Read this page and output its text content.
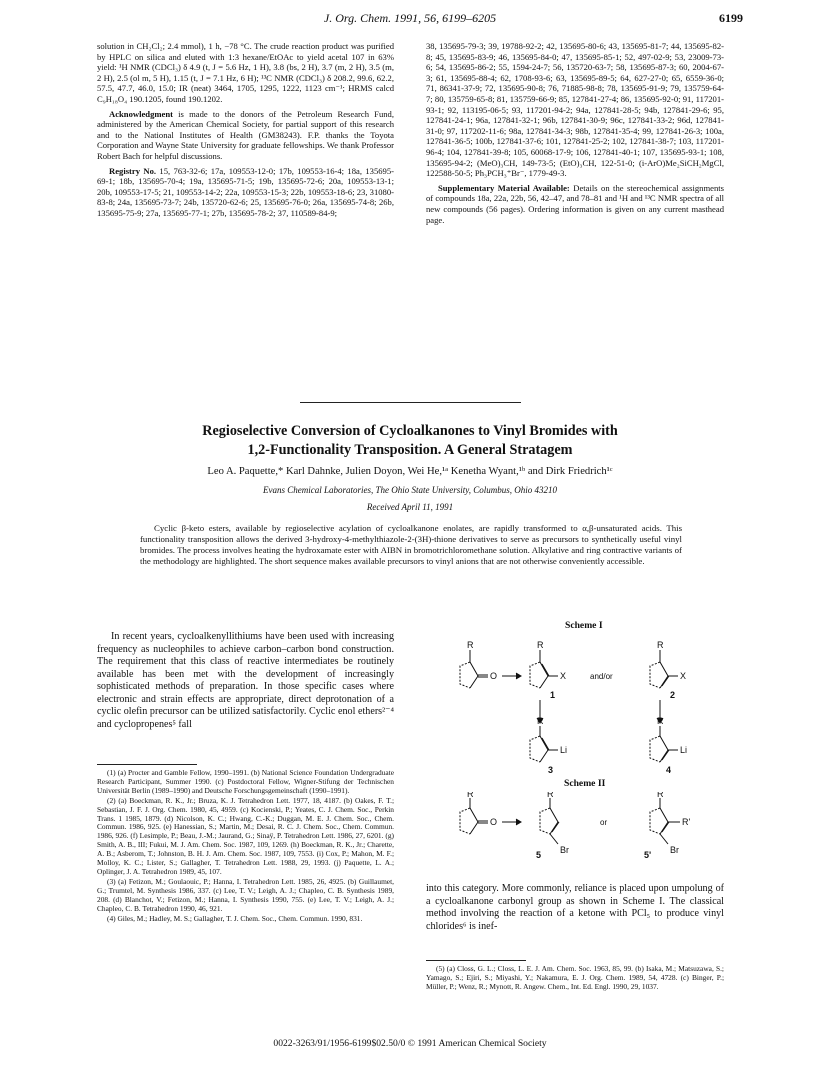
J. Org. Chem. 1991, 56, 6199–6205	6199

solution in CH₂Cl₂; 2.4 mmol), 1 h, −78 °C. The crude reaction product was purified by HPLC on silica and eluted with 1:3 hexane/EtOAc to yield acetal 107 in 63% yield: ¹H NMR (CDCl₃) δ 4.9 (t, J = 5.6 Hz, 1 H), 3.8 (bs, 2 H), 3.7 (m, 2 H), 3.5 (m, 2 H), 2.5 (ol m, 5 H), 1.15 (t, J = 7.1 Hz, 6 H); ¹³C NMR (CDCl₃) δ 208.2, 99.6, 62.2, 57.5, 47.7, 46.0, 15.0; IR (neat) 3464, 1705, 1295, 1222, 1123 cm⁻¹; HRMS calcd C₉H₁₈O₄ 190.1205, found 190.1202.

Acknowledgment is made to the donors of the Petroleum Research Fund, administered by the American Chemical Society, for partial support of this research and to the National Institutes of Health (GM38243). F.P. thanks the Toyota Corporation and Wayne State University for graduate fellowships. We thank Professor Robert Bach for helpful discussions.

Registry No. 15, 763-32-6; 17a, 109553-12-0; 17b, 109553-16-4; 18a, 135695-69-1; 18b, 135695-70-4; 19a, 135695-71-5; 19b, 135695-72-6; 20a, 109553-13-1; 20b, 109553-17-5; 21, 109553-14-2; 22a, 109553-15-3; 22b, 109553-18-6; 23, 31080-83-8; 24a, 135695-73-7; 24b, 135720-62-6; 25, 135695-76-0; 26a, 135695-74-8; 26b, 135695-75-9; 27a, 135695-77-1; 27b, 135695-78-2; 37, 110589-84-9;

38, 135695-79-3; 39, 19788-92-2; 42, 135695-80-6; 43, 135695-81-7; 44, 135695-82-8; 45, 135695-83-9; 46, 135695-84-0; 47, 135695-85-1; 52, 497-02-9; 53, 23009-73-6; 54, 135695-86-2; 55, 1594-24-7; 56, 135720-63-7; 58, 135695-87-3; 60, 2004-67-3; 61, 135695-88-4; 62, 1708-93-6; 63, 135695-89-5; 64, 627-27-0; 65, 6559-36-0; 71, 86341-37-9; 72, 135695-90-8; 76, 71885-98-8; 78, 135695-91-9; 79, 135759-64-7; 80, 135759-65-8; 81, 135759-66-9; 85, 127841-27-4; 86, 135695-92-0; 91, 117201-93-1; 92, 113195-06-5; 93, 117201-94-2; 94a, 127841-28-5; 94b, 127841-29-6; 95, 127841-24-1; 96a, 127841-32-1; 96b, 127841-30-9; 96c, 127841-33-2; 96d, 127841-31-0; 97, 117202-11-6; 98a, 127841-34-3; 98b, 127841-35-4; 99, 127841-26-3; 100a, 127841-36-5; 100b, 127841-37-6; 101, 127841-25-2; 102, 127841-38-7; 103, 117201-96-4; 104, 127841-39-8; 105, 60068-17-9; 106, 127841-40-1; 107, 135695-93-1; 108, 135695-94-2; (MeO)₃CH, 149-73-5; (EtO)₃CH, 122-51-0; (i-ArO)Me₂SiCH₂MgCl, 122588-50-5; Ph₃PCH₃⁺Br⁻, 1779-49-3.

Supplementary Material Available: Details on the stereochemical assignments of compounds 18a, 22a, 22b, 56, 42–47, and 78–81 and ¹H and ¹³C NMR spectra of all new compounds (56 pages). Ordering information is given on any current masthead page.

Regioselective Conversion of Cycloalkanones to Vinyl Bromides with
1,2-Functionality Transposition. A General Stratagem
Leo A. Paquette,* Karl Dahnke, Julien Doyon, Wei He,¹ᵃ Kenetha Wyant,¹ᵇ and Dirk Friedrich¹ᶜ
Evans Chemical Laboratories, The Ohio State University, Columbus, Ohio 43210
Received April 11, 1991
Cyclic β-keto esters, available by regioselective acylation of cycloalkanone enolates, are rapidly transformed to α,β-unsaturated acids. This functionality transposition allows the derived 3-hydroxy-4-methylthiazole-2-(3H)-thione derivatives to serve as precursors to synthetically useful vinyl bromides. The process involves heating the hydroxamate ester with AIBN in bromotrichloromethane solution. Alkylative and ring contractive variants of the methodology are highlighted. The short sequence makes available precursors to vinyl anions that are not otherwise conveniently accessible.
In recent years, cycloalkenyllithiums have been used with increasing frequency as nucleophiles to achieve carbon–carbon bond construction. The requirement that this class of reactive intermediates be routinely available has been met with the development of increasingly sophisticated methods of preparation. In those specific cases where electronic and strain effects are appropriate, direct deprotonation of a cyclic olefin precursor can be utilized satisfactorily. Cyclic enol ethers²⁻⁴ and cyclopropenes⁵ fall

(1) (a) Procter and Gamble Fellow, 1990–1991. (b) National Science Foundation Undergraduate Research Participant, Summer 1990. (c) Postdoctoral Fellow, Wigner-Stifung der Technischen Universität Berlin (1989–1990) and Deutsche Forschungsgemeinschaft (1990–1991).

(2) (a) Boeckman, R. K., Jr.; Bruza, K. J. Tetrahedron Lett. 1977, 18, 4187. (b) Oakes, F. T.; Sebastian, J. F. J. Org. Chem. 1980, 45, 4959. (c) Kocienski, P.; Yeates, C. J. Chem. Soc., Perkin Trans. 1 1985, 1879. (d) Nicolson, K. C.; Hwang, C.-K.; Duggan, M. E. J. Chem. Soc., Chem. Commun. 1986, 925. (e) Hanessian, S.; Martin, M.; Desai, R. C. J. Chem. Soc., Chem. Commun. 1986, 926. (f) Lesimple, P.; Beau, J.-M.; Jaurand, G.; Sinaÿ, P. Tetrahedron Lett. 1986, 27, 6201. (g) Smith, A. B., III; Fukui, M. J. Am. Chem. Soc. 1987, 109, 1269. (h) Boeckman, R. K., Jr.; Charette, A. B.; Asberom, T.; Johnston, B. H. J. Am. Chem. Soc. 1987, 109, 7553. (i) Cox, P.; Mahon, M. F.; Molloy, K. C.; Lister, S.; Gallagher, T. Tetrahedron Lett. 1988, 29, 1993. (j) Paquette, L. A.; Oplinger, J. A. Tetrahedron 1989, 45, 107.

(3) (a) Fetizon, M.; Goulaouic, P.; Hanna, I. Tetrahedron Lett. 1985, 26, 4925. (b) Guillaumet, G.; Trumtel, M. Synthesis 1986, 337. (c) Lee, T. V.; Leigh, A. J.; Chapleo, C. B. Synthesis 1989, 208. (d) Blanchot, V.; Fetizon, M.; Hanna, I. Synthesis 1990, 755. (e) Lee, T. V.; Leigh, A. J.; Chapleo, C. B. Tetrahedron 1990, 46, 921.

(4) Giles, M.; Hadley, M. S.; Gallagher, T. J. Chem. Soc., Chem. Commun. 1990, 831.

Scheme I
R
O
R
X	and/or
R
X
1	2
R
Li
R
Li
3	4
Scheme II
R
O
R
Br
or
R
R'
Br
5	5'
into this category. More commonly, reliance is placed upon umpolung of a cycloalkanone carbonyl group as shown in Scheme I. The classical method involving the reaction of a ketone with PCl₅ to produce vinyl chlorides⁶ is inef-
(5) (a) Closs, G. L.; Closs, L. E. J. Am. Chem. Soc. 1963, 85, 99. (b) Isaka, M.; Matsuzawa, S.; Yamago, S.; Ejiri, S.; Miyashi, Y.; Nakamura, E. J. Org. Chem. 1989, 54, 4728. (c) Binger, P.; Müller, P.; Wenz, R.; Mynott, R. Angew. Chem., Int. Ed. Engl. 1990, 29, 1037.
0022-3263/91/1956-6199$02.50/0 © 1991 American Chemical Society
